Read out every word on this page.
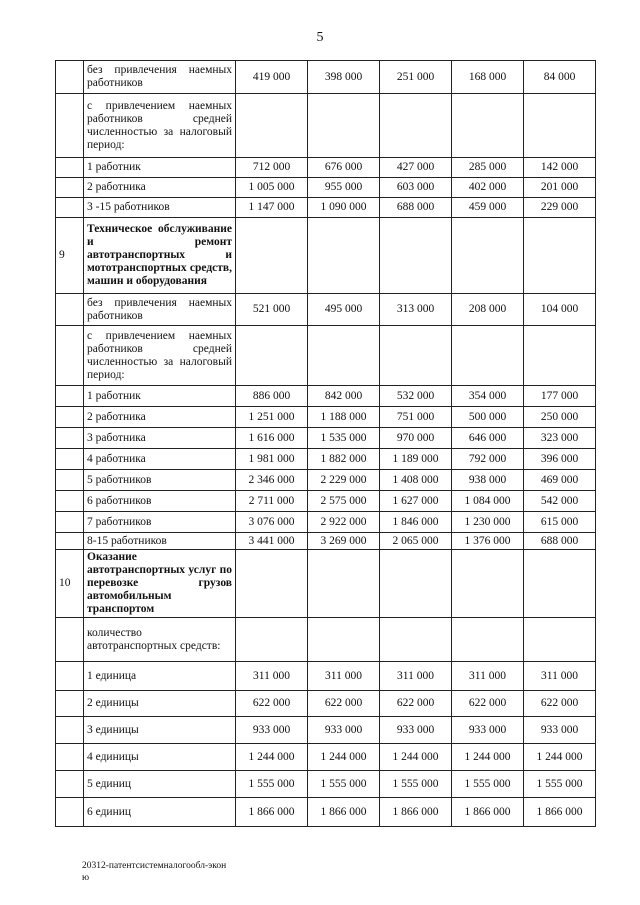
5
	без привлечения наемных работников	419 000	398 000	251 000	168 000	84 000
	с привлечением наемных работников средней численностью за налоговый период:					
	1 работник	712 000	676 000	427 000	285 000	142 000
	2 работника	1 005 000	955 000	603 000	402 000	201 000
	3 -15 работников	1 147 000	1 090 000	688 000	459 000	229 000
9	Техническое обслуживание и ремонт автотранспортных и мототранспортных средств, машин и оборудования					
	без привлечения наемных работников	521 000	495 000	313 000	208 000	104 000
	с привлечением наемных работников средней численностью за налоговый период:					
	1 работник	886 000	842 000	532 000	354 000	177 000
	2 работника	1 251 000	1 188 000	751 000	500 000	250 000
	3 работника	1 616 000	1 535 000	970 000	646 000	323 000
	4 работника	1 981 000	1 882 000	1 189 000	792 000	396 000
	5 работников	2 346 000	2 229 000	1 408 000	938 000	469 000
	6 работников	2 711 000	2 575 000	1 627 000	1 084 000	542 000
	7 работников	3 076 000	2 922 000	1 846 000	1 230 000	615 000
	8-15 работников	3 441 000	3 269 000	2 065 000	1 376 000	688 000
10	Оказание автотранспортных услуг по перевозке грузов автомобильным транспортом					
	количество автотранспортных средств:					
	1 единица	311 000	311 000	311 000	311 000	311 000
	2 единицы	622 000	622 000	622 000	622 000	622 000
	3 единицы	933 000	933 000	933 000	933 000	933 000
	4 единицы	1 244 000	1 244 000	1 244 000	1 244 000	1 244 000
	5 единиц	1 555 000	1 555 000	1 555 000	1 555 000	1 555 000
	6 единиц	1 866 000	1 866 000	1 866 000	1 866 000	1 866 000
20312-патентсистемналогообл-эконю
